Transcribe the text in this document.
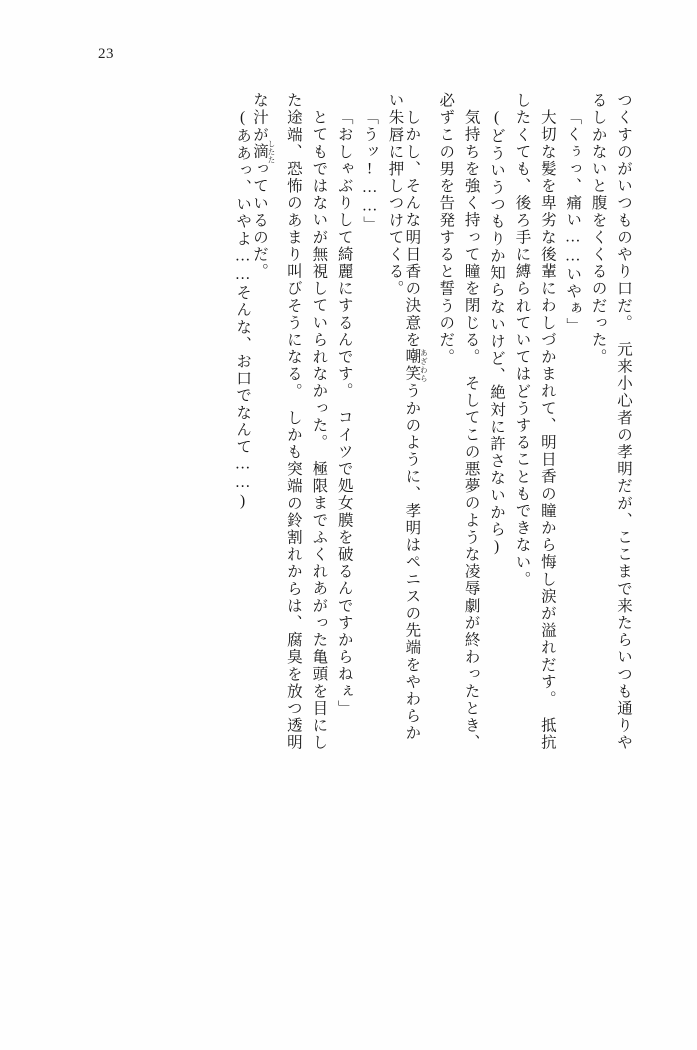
23
つくすのがいつものやり口だ。　元来小心者の孝明だが、ここまで来たらいつも通りや
るしかないと腹をくくるのだった。
「くぅっ、痛い……いやぁ」
大切な髪を卑劣な後輩にわしづかまれて、明日香の瞳から悔し涙が溢れだす。　抵抗
したくても、後ろ手に縛られていてはどうすることもできない。
(どういうつもりか知らないけど、絶対に許さないから)
気持ちを強く持って瞳を閉じる。　そしてこの悪夢のような凌辱劇が終わったとき、
必ずこの男を告発すると誓うのだ。
しかし、そんな明日香の決意を嘲笑 あざわらうかのように、孝明はペニスの先端をやわらか
い朱唇に押しつけてくる。
「うッ!……」
「おしゃぶりして綺麗にするんです。　コイツで処女膜を破るんですからねぇ」
とてもではないが無視していられなかった。　極限までふくれあがった亀頭を目にし
た途端、恐怖のあまり叫びそうになる。　しかも突端の鈴割れからは、腐臭を放つ透明
な汁が滴 したたっているのだ。
(ああっ、いやよ……そんな、お口でなんて……)
